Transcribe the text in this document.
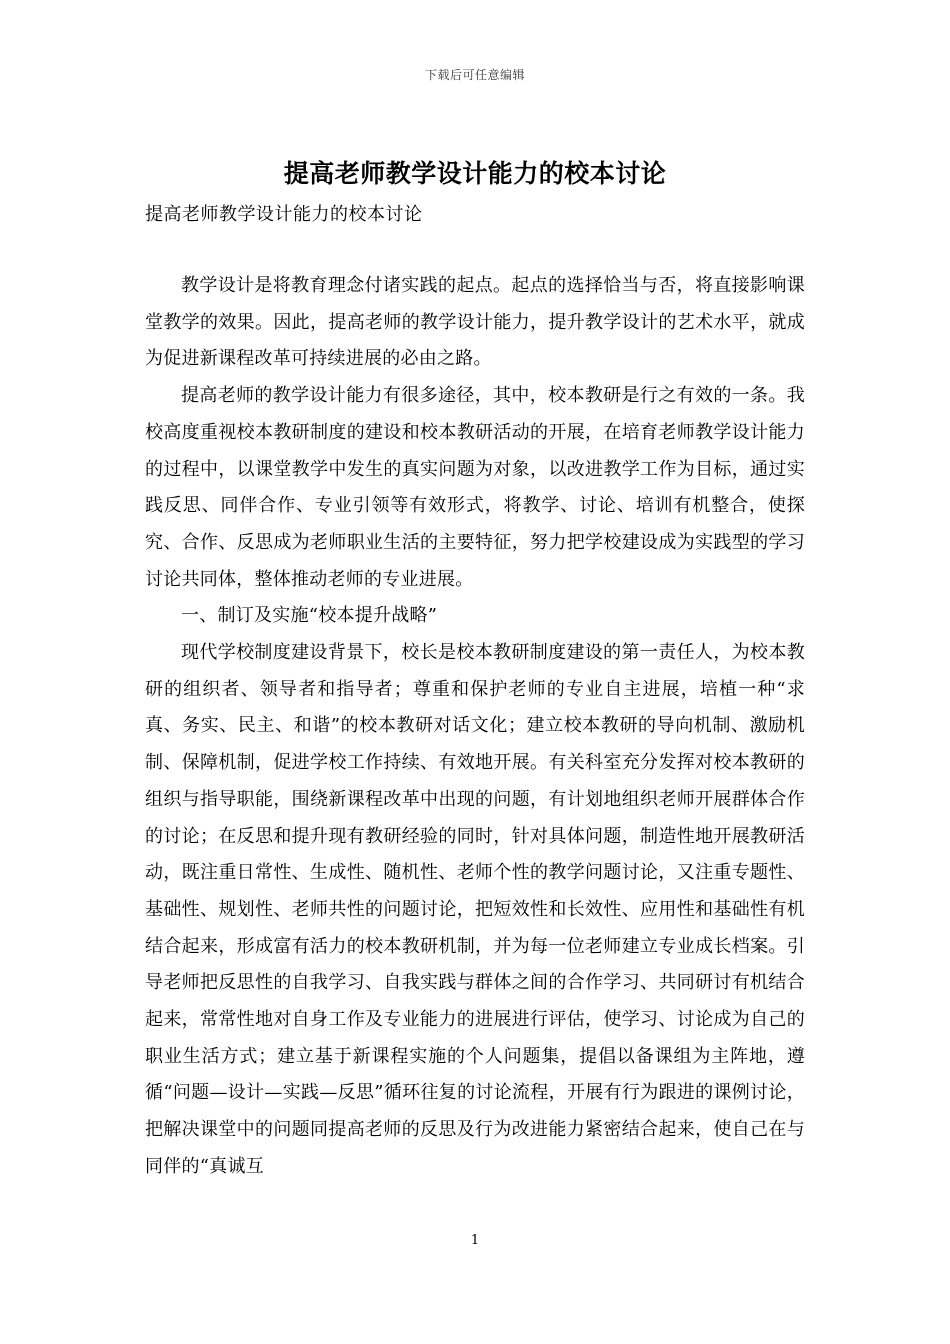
下载后可任意编辑
提高老师教学设计能力的校本讨论
提高老师教学设计能力的校本讨论

教学设计是将教育理念付诸实践的起点。起点的选择恰当与否，将直接影响课堂教学的效果。因此，提高老师的教学设计能力，提升教学设计的艺术水平，就成为促进新课程改革可持续进展的必由之路。

提高老师的教学设计能力有很多途径，其中，校本教研是行之有效的一条。我校高度重视校本教研制度的建设和校本教研活动的开展，在培育老师教学设计能力的过程中，以课堂教学中发生的真实问题为对象，以改进教学工作为目标，通过实践反思、同伴合作、专业引领等有效形式，将教学、讨论、培训有机整合，使探究、合作、反思成为老师职业生活的主要特征，努力把学校建设成为实践型的学习讨论共同体，整体推动老师的专业进展。

一、制订及实施“校本提升战略”

现代学校制度建设背景下，校长是校本教研制度建设的第一责任人，为校本教研的组织者、领导者和指导者；尊重和保护老师的专业自主进展，培植一种“求真、务实、民主、和谐”的校本教研对话文化；建立校本教研的导向机制、激励机制、保障机制，促进学校工作持续、有效地开展。有关科室充分发挥对校本教研的组织与指导职能，围绕新课程改革中出现的问题，有计划地组织老师开展群体合作的讨论；在反思和提升现有教研经验的同时，针对具体问题，制造性地开展教研活动，既注重日常性、生成性、随机性、老师个性的教学问题讨论，又注重专题性、基础性、规划性、老师共性的问题讨论，把短效性和长效性、应用性和基础性有机结合起来，形成富有活力的校本教研机制，并为每一位老师建立专业成长档案。引导老师把反思性的自我学习、自我实践与群体之间的合作学习、共同研讨有机结合起来，常常性地对自身工作及专业能力的进展进行评估，使学习、讨论成为自己的职业生活方式；建立基于新课程实施的个人问题集，提倡以备课组为主阵地，遵循“问题—设计—实践—反思”循环往复的讨论流程，开展有行为跟进的课例讨论，把解决课堂中的问题同提高老师的反思及行为改进能力紧密结合起来，使自己在与同伴的“真诚互

1
